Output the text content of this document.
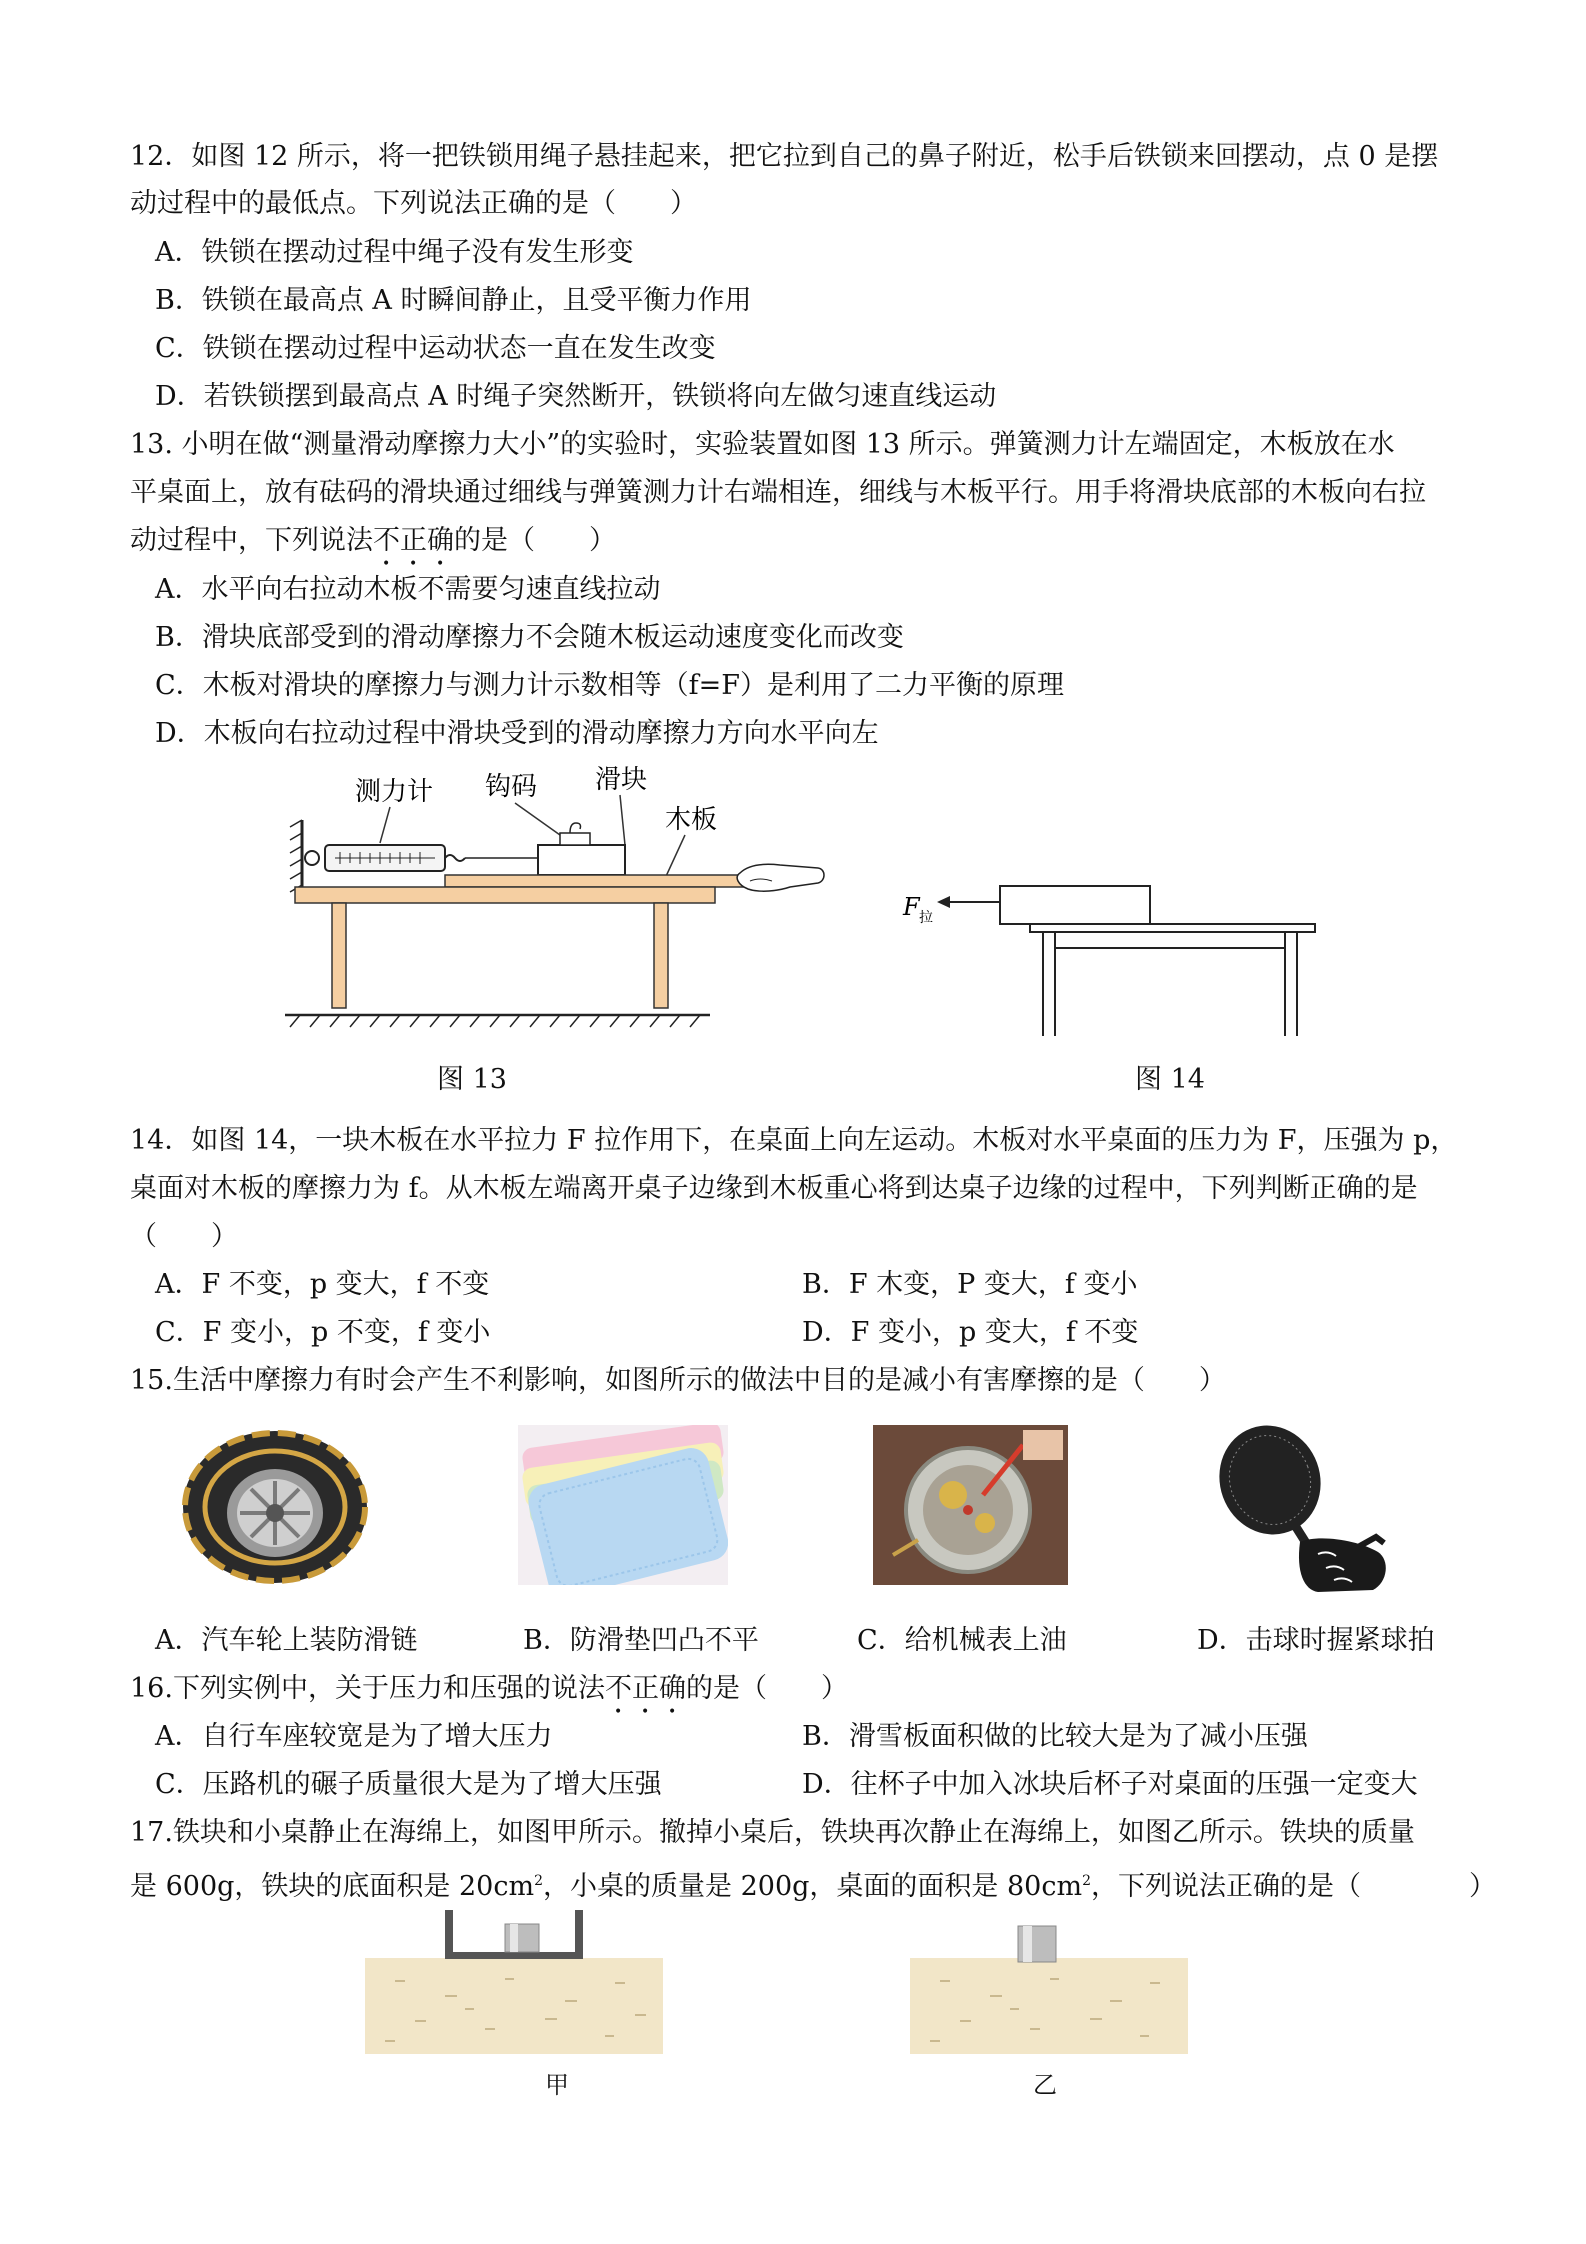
12．如图 12 所示，将一把铁锁用绳子悬挂起来，把它拉到自己的鼻子附近，松手后铁锁来回摆动，点 0 是摆
动过程中的最低点。下列说法正确的是（　　）
A．铁锁在摆动过程中绳子没有发生形变
B．铁锁在最高点 A 时瞬间静止，且受平衡力作用
C．铁锁在摆动过程中运动状态一直在发生改变
D．若铁锁摆到最高点 A 时绳子突然断开，铁锁将向左做匀速直线运动
13. 小明在做“测量滑动摩擦力大小”的实验时，实验装置如图 13 所示。弹簧测力计左端固定，木板放在水
平桌面上，放有砝码的滑块通过细线与弹簧测力计右端相连，细线与木板平行。用手将滑块底部的木板向右拉
动过程中，下列说法不正确的是（　　）
A．水平向右拉动木板不需要匀速直线拉动
B．滑块底部受到的滑动摩擦力不会随木板运动速度变化而改变
C．木板对滑块的摩擦力与测力计示数相等（f=F）是利用了二力平衡的原理
D．木板向右拉动过程中滑块受到的滑动摩擦力方向水平向左
测力计 钩码 滑块
木板
图 13
F 拉
图 14
14．如图 14，一块木板在水平拉力 F 拉作用下，在桌面上向左运动。木板对水平桌面的压力为 F，压强为 p，
桌面对木板的摩擦力为 f。从木板左端离开桌子边缘到木板重心将到达桌子边缘的过程中，下列判断正确的是
（　　）
A．F 不变，p 变大，f 不变	B．F 木变，P 变大，f 变小
C．F 变小，p 不变，f 变小	D．F 变小，p 变大，f 不变
15.生活中摩擦力有时会产生不利影响，如图所示的做法中目的是减小有害摩擦的是（　　）
A．汽车轮上装防滑链	B．防滑垫凹凸不平	C．给机械表上油	D．击球时握紧球拍
16.下列实例中，关于压力和压强的说法不正确的是（　　）
A．自行车座较宽是为了增大压力	B．滑雪板面积做的比较大是为了减小压强
C．压路机的碾子质量很大是为了增大压强	D．往杯子中加入冰块后杯子对桌面的压强一定变大
17.铁块和小桌静止在海绵上，如图甲所示。撤掉小桌后，铁块再次静止在海绵上，如图乙所示。铁块的质量
是 600g，铁块的底面积是 $20cm^2$，小桌的质量是 200g，桌面的面积是 $80cm^2$，下列说法正确的是（　　　　）
甲	乙
